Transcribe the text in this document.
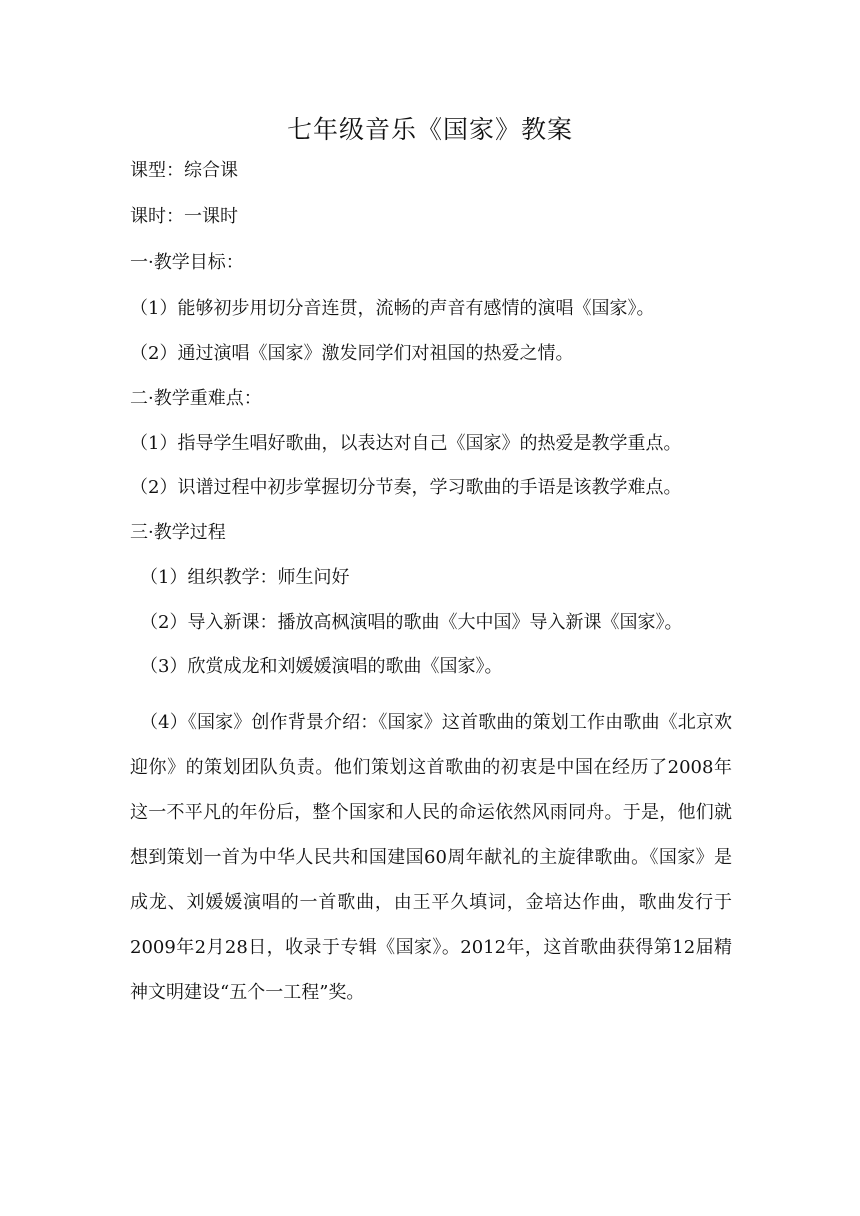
七年级音乐《国家》教案

课型：综合课

课时：一课时

一·教学目标：

（1）能够初步用切分音连贯，流畅的声音有感情的演唱《国家》。

（2）通过演唱《国家》激发同学们对祖国的热爱之情。

二·教学重难点：

（1）指导学生唱好歌曲，以表达对自己《国家》的热爱是教学重点。

（2）识谱过程中初步掌握切分节奏，学习歌曲的手语是该教学难点。

三·教学过程

（1）组织教学：师生问好

（2）导入新课：播放高枫演唱的歌曲《大中国》导入新课《国家》。

（3）欣赏成龙和刘媛媛演唱的歌曲《国家》。

（4）《国家》创作背景介绍：《国家》这首歌曲的策划工作由歌曲《北京欢迎你》的策划团队负责。他们策划这首歌曲的初衷是中国在经历了2008年这一不平凡的年份后，整个国家和人民的命运依然风雨同舟。于是，他们就想到策划一首为中华人民共和国建国60周年献礼的主旋律歌曲。《国家》是成龙、刘媛媛演唱的一首歌曲，由王平久填词，金培达作曲，歌曲发行于2009年2月28日，收录于专辑《国家》。2012年，这首歌曲获得第12届精神文明建设“五个一工程”奖。
